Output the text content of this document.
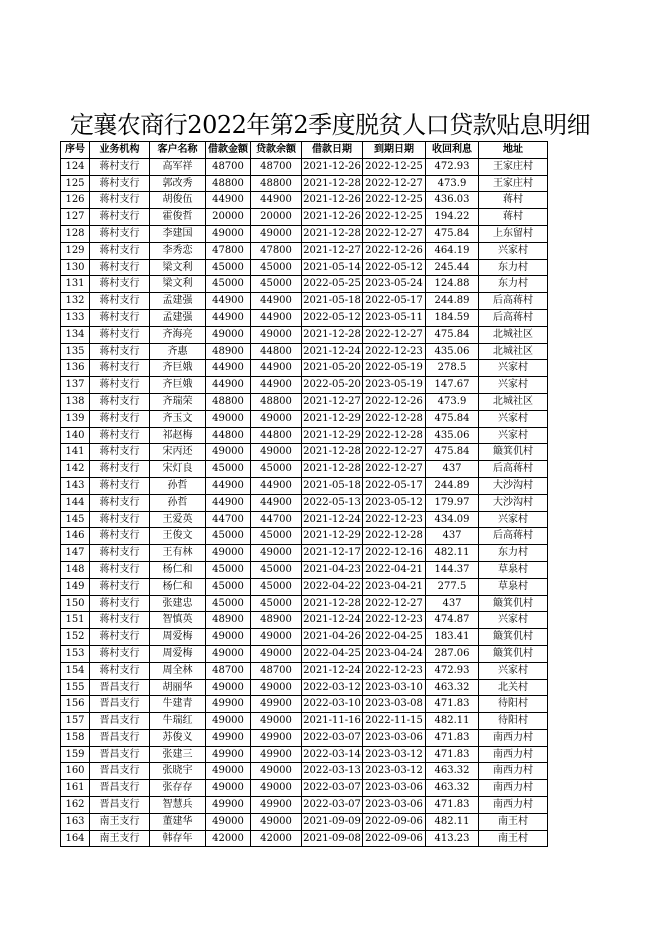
定襄农商行2022年第2季度脱贫人口贷款贴息明细
序号	业务机构	客户名称	借款金额	贷款余额	借款日期	到期日期	收回利息	地址
124	蒋村支行	高军祥	48700	48700	2021-12-26	2022-12-25	472.93	王家庄村
125	蒋村支行	郭改秀	48800	48800	2021-12-28	2022-12-27	473.9	王家庄村
126	蒋村支行	胡俊伍	44900	44900	2021-12-26	2022-12-25	436.03	蒋村
127	蒋村支行	霍俊哲	20000	20000	2021-12-26	2022-12-25	194.22	蒋村
128	蒋村支行	李建国	49000	49000	2021-12-28	2022-12-27	475.84	上东留村
129	蒋村支行	李秀恋	47800	47800	2021-12-27	2022-12-26	464.19	兴家村
130	蒋村支行	梁文利	45000	45000	2021-05-14	2022-05-12	245.44	东力村
131	蒋村支行	梁文利	45000	45000	2022-05-25	2023-05-24	124.88	东力村
132	蒋村支行	孟建强	44900	44900	2021-05-18	2022-05-17	244.89	后高蒋村
133	蒋村支行	孟建强	44900	44900	2022-05-12	2023-05-11	184.59	后高蒋村
134	蒋村支行	齐海亮	49000	49000	2021-12-28	2022-12-27	475.84	北城社区
135	蒋村支行	齐惠	48900	44800	2021-12-24	2022-12-23	435.06	北城社区
136	蒋村支行	齐巨娥	44900	44900	2021-05-20	2022-05-19	278.5	兴家村
137	蒋村支行	齐巨娥	44900	44900	2022-05-20	2023-05-19	147.67	兴家村
138	蒋村支行	齐瑞荣	48800	48800	2021-12-27	2022-12-26	473.9	北城社区
139	蒋村支行	齐玉文	49000	49000	2021-12-29	2022-12-28	475.84	兴家村
140	蒋村支行	祁赵梅	44800	44800	2021-12-29	2022-12-28	435.06	兴家村
141	蒋村支行	宋丙还	49000	49000	2021-12-28	2022-12-27	475.84	簸箕仉村
142	蒋村支行	宋灯良	45000	45000	2021-12-28	2022-12-27	437	后高蒋村
143	蒋村支行	孙哲	44900	44900	2021-05-18	2022-05-17	244.89	大沙沟村
144	蒋村支行	孙哲	44900	44900	2022-05-13	2023-05-12	179.97	大沙沟村
145	蒋村支行	王爱英	44700	44700	2021-12-24	2022-12-23	434.09	兴家村
146	蒋村支行	王俊文	45000	45000	2021-12-29	2022-12-28	437	后高蒋村
147	蒋村支行	王有林	49000	49000	2021-12-17	2022-12-16	482.11	东力村
148	蒋村支行	杨仁和	45000	45000	2021-04-23	2022-04-21	144.37	草泉村
149	蒋村支行	杨仁和	45000	45000	2022-04-22	2023-04-21	277.5	草泉村
150	蒋村支行	张建忠	45000	45000	2021-12-28	2022-12-27	437	簸箕仉村
151	蒋村支行	智慎英	48900	48900	2021-12-24	2022-12-23	474.87	兴家村
152	蒋村支行	周爱梅	49000	49000	2021-04-26	2022-04-25	183.41	簸箕仉村
153	蒋村支行	周爱梅	49000	49000	2022-04-25	2023-04-24	287.06	簸箕仉村
154	蒋村支行	周全林	48700	48700	2021-12-24	2022-12-23	472.93	兴家村
155	晋昌支行	胡丽华	49000	49000	2022-03-12	2023-03-10	463.32	北关村
156	晋昌支行	牛建青	49900	49900	2022-03-10	2023-03-08	471.83	待阳村
157	晋昌支行	牛瑞红	49000	49000	2021-11-16	2022-11-15	482.11	待阳村
158	晋昌支行	苏俊义	49900	49900	2022-03-07	2023-03-06	471.83	南西力村
159	晋昌支行	张建三	49900	49900	2022-03-14	2023-03-12	471.83	南西力村
160	晋昌支行	张晓宇	49000	49000	2022-03-13	2023-03-12	463.32	南西力村
161	晋昌支行	张存存	49000	49000	2022-03-07	2023-03-06	463.32	南西力村
162	晋昌支行	智慧兵	49900	49900	2022-03-07	2023-03-06	471.83	南西力村
163	南王支行	董建华	49000	49000	2021-09-09	2022-09-06	482.11	南王村
164	南王支行	韩存年	42000	42000	2021-09-08	2022-09-06	413.23	南王村
